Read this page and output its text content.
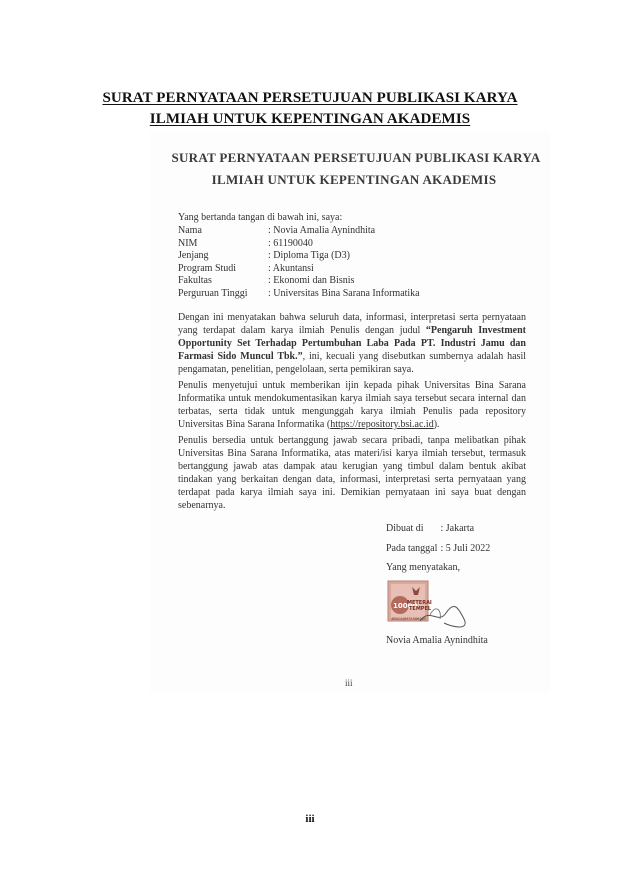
SURAT PERNYATAAN PERSETUJUAN PUBLIKASI KARYA
ILMIAH UNTUK KEPENTINGAN AKADEMIS
SURAT PERNYATAAN PERSETUJUAN PUBLIKASI KARYA
ILMIAH UNTUK KEPENTINGAN AKADEMIS
Yang bertanda tangan di bawah ini, saya:
Nama	: Novia Amalia Aynindhita
NIM	: 61190040
Jenjang	: Diploma Tiga (D3)
Program Studi	: Akuntansi
Fakultas	: Ekonomi dan Bisnis
Perguruan Tinggi	: Universitas Bina Sarana Informatika
Dengan ini menyatakan bahwa seluruh data, informasi, interpretasi serta pernyataan yang terdapat dalam karya ilmiah Penulis dengan judul “Pengaruh Investment Opportunity Set Terhadap Pertumbuhan Laba Pada PT. Industri Jamu dan Farmasi Sido Muncul Tbk.”, ini, kecuali yang disebutkan sumbernya adalah hasil pengamatan, penelitian, pengelolaan, serta pemikiran saya.
Penulis menyetujui untuk memberikan ijin kepada pihak Universitas Bina Sarana Informatika untuk mendokumentasikan karya ilmiah saya tersebut secara internal dan terbatas, serta tidak untuk mengunggah karya ilmiah Penulis pada repository Universitas Bina Sarana Informatika (https://repository.bsi.ac.id).
Penulis bersedia untuk bertanggung jawab secara pribadi, tanpa melibatkan pihak Universitas Bina Sarana Informatika, atas materi/isi karya ilmiah tersebut, termasuk bertanggung jawab atas dampak atau kerugian yang timbul dalam bentuk akibat tindakan yang berkaitan dengan data, informasi, interpretasi serta pernyataan yang terdapat pada karya ilmiah saya ini. Demikian pernyataan ini saya buat dengan sebenarnya.
Dibuat di : Jakarta
Pada tanggal : 5 Juli 2022
Yang menyatakan,
10000
METERAI
TEMPEL
4B0CAJX931586285
Novia Amalia Aynindhita
iii
iii
